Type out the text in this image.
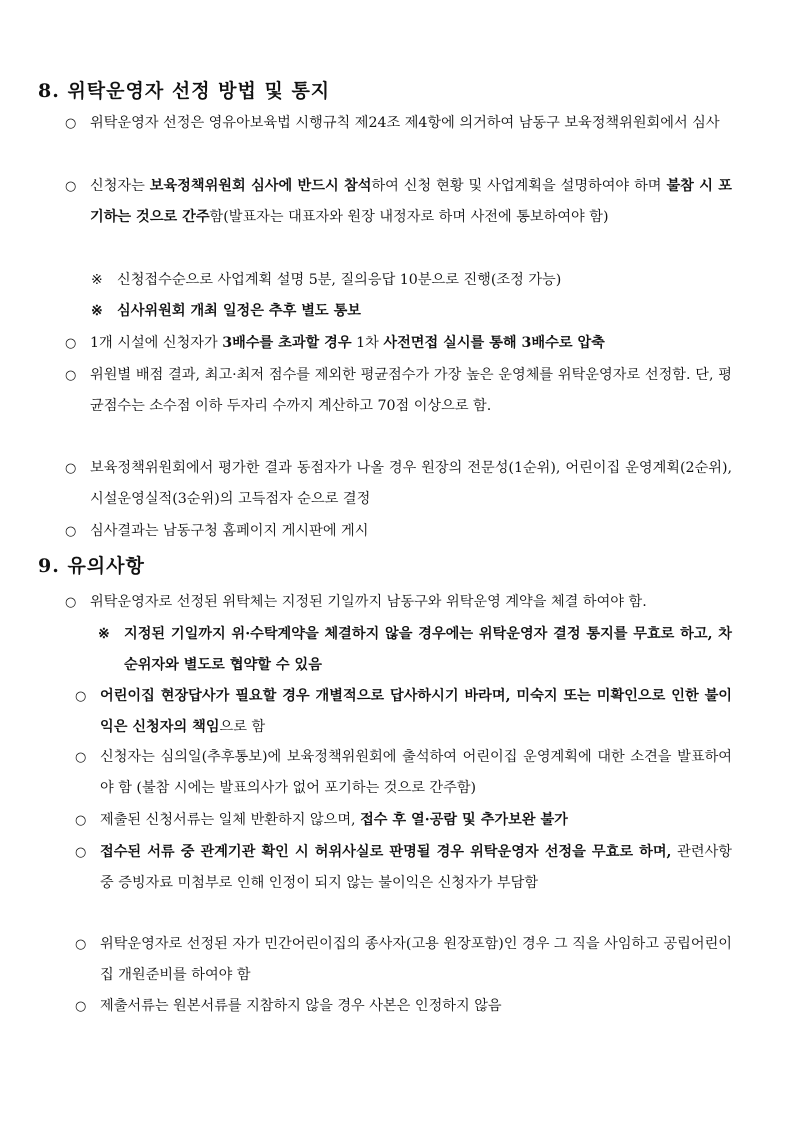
8. 위탁운영자 선정 방법 및 통지
○ 위탁운영자 선정은 영유아보육법 시행규칙 제24조 제4항에 의거하여 남동구 보육정책위원회에서 심사
○ 신청자는 보육정책위원회 심사에 반드시 참석하여 신청 현황 및 사업계획을 설명하여야 하며 불참 시 포기하는 것으로 간주함(발표자는 대표자와 원장 내정자로 하며 사전에 통보하여야 함)
※ 신청접수순으로 사업계획 설명 5분, 질의응답 10분으로 진행(조정 가능)
※ 심사위원회 개최 일정은 추후 별도 통보
○ 1개 시설에 신청자가 3배수를 초과할 경우 1차 사전면접 실시를 통해 3배수로 압축
○ 위원별 배점 결과, 최고·최저 점수를 제외한 평균점수가 가장 높은 운영체를 위탁운영자로 선정함. 단, 평균점수는 소수점 이하 두자리 수까지 계산하고 70점 이상으로 함.
○ 보육정책위원회에서 평가한 결과 동점자가 나올 경우 원장의 전문성(1순위), 어린이집 운영계획(2순위), 시설운영실적(3순위)의 고득점자 순으로 결정
○ 심사결과는 남동구청 홈페이지 게시판에 게시
9. 유의사항
○ 위탁운영자로 선정된 위탁체는 지정된 기일까지 남동구와 위탁운영 계약을 체결 하여야 함.
※ 지정된 기일까지 위·수탁계약을 체결하지 않을 경우에는 위탁운영자 결정 통지를 무효로 하고, 차 순위자와 별도로 협약할 수 있음
○ 어린이집 현장답사가 필요할 경우 개별적으로 답사하시기 바라며, 미숙지 또는 미확인으로 인한 불이익은 신청자의 책임으로 함
○ 신청자는 심의일(추후통보)에 보육정책위원회에 출석하여 어린이집 운영계획에 대한 소견을 발표하여야 함 (불참 시에는 발표의사가 없어 포기하는 것으로 간주함)
○ 제출된 신청서류는 일체 반환하지 않으며, 접수 후 열·공람 및 추가보완 불가
○ 접수된 서류 중 관계기관 확인 시 허위사실로 판명될 경우 위탁운영자 선정을 무효로 하며, 관련사항 중 증빙자료 미첨부로 인해 인정이 되지 않는 불이익은 신청자가 부담함
○ 위탁운영자로 선정된 자가 민간어린이집의 종사자(고용 원장포함)인 경우 그 직을 사임하고 공립어린이집 개원준비를 하여야 함
○ 제출서류는 원본서류를 지참하지 않을 경우 사본은 인정하지 않음
